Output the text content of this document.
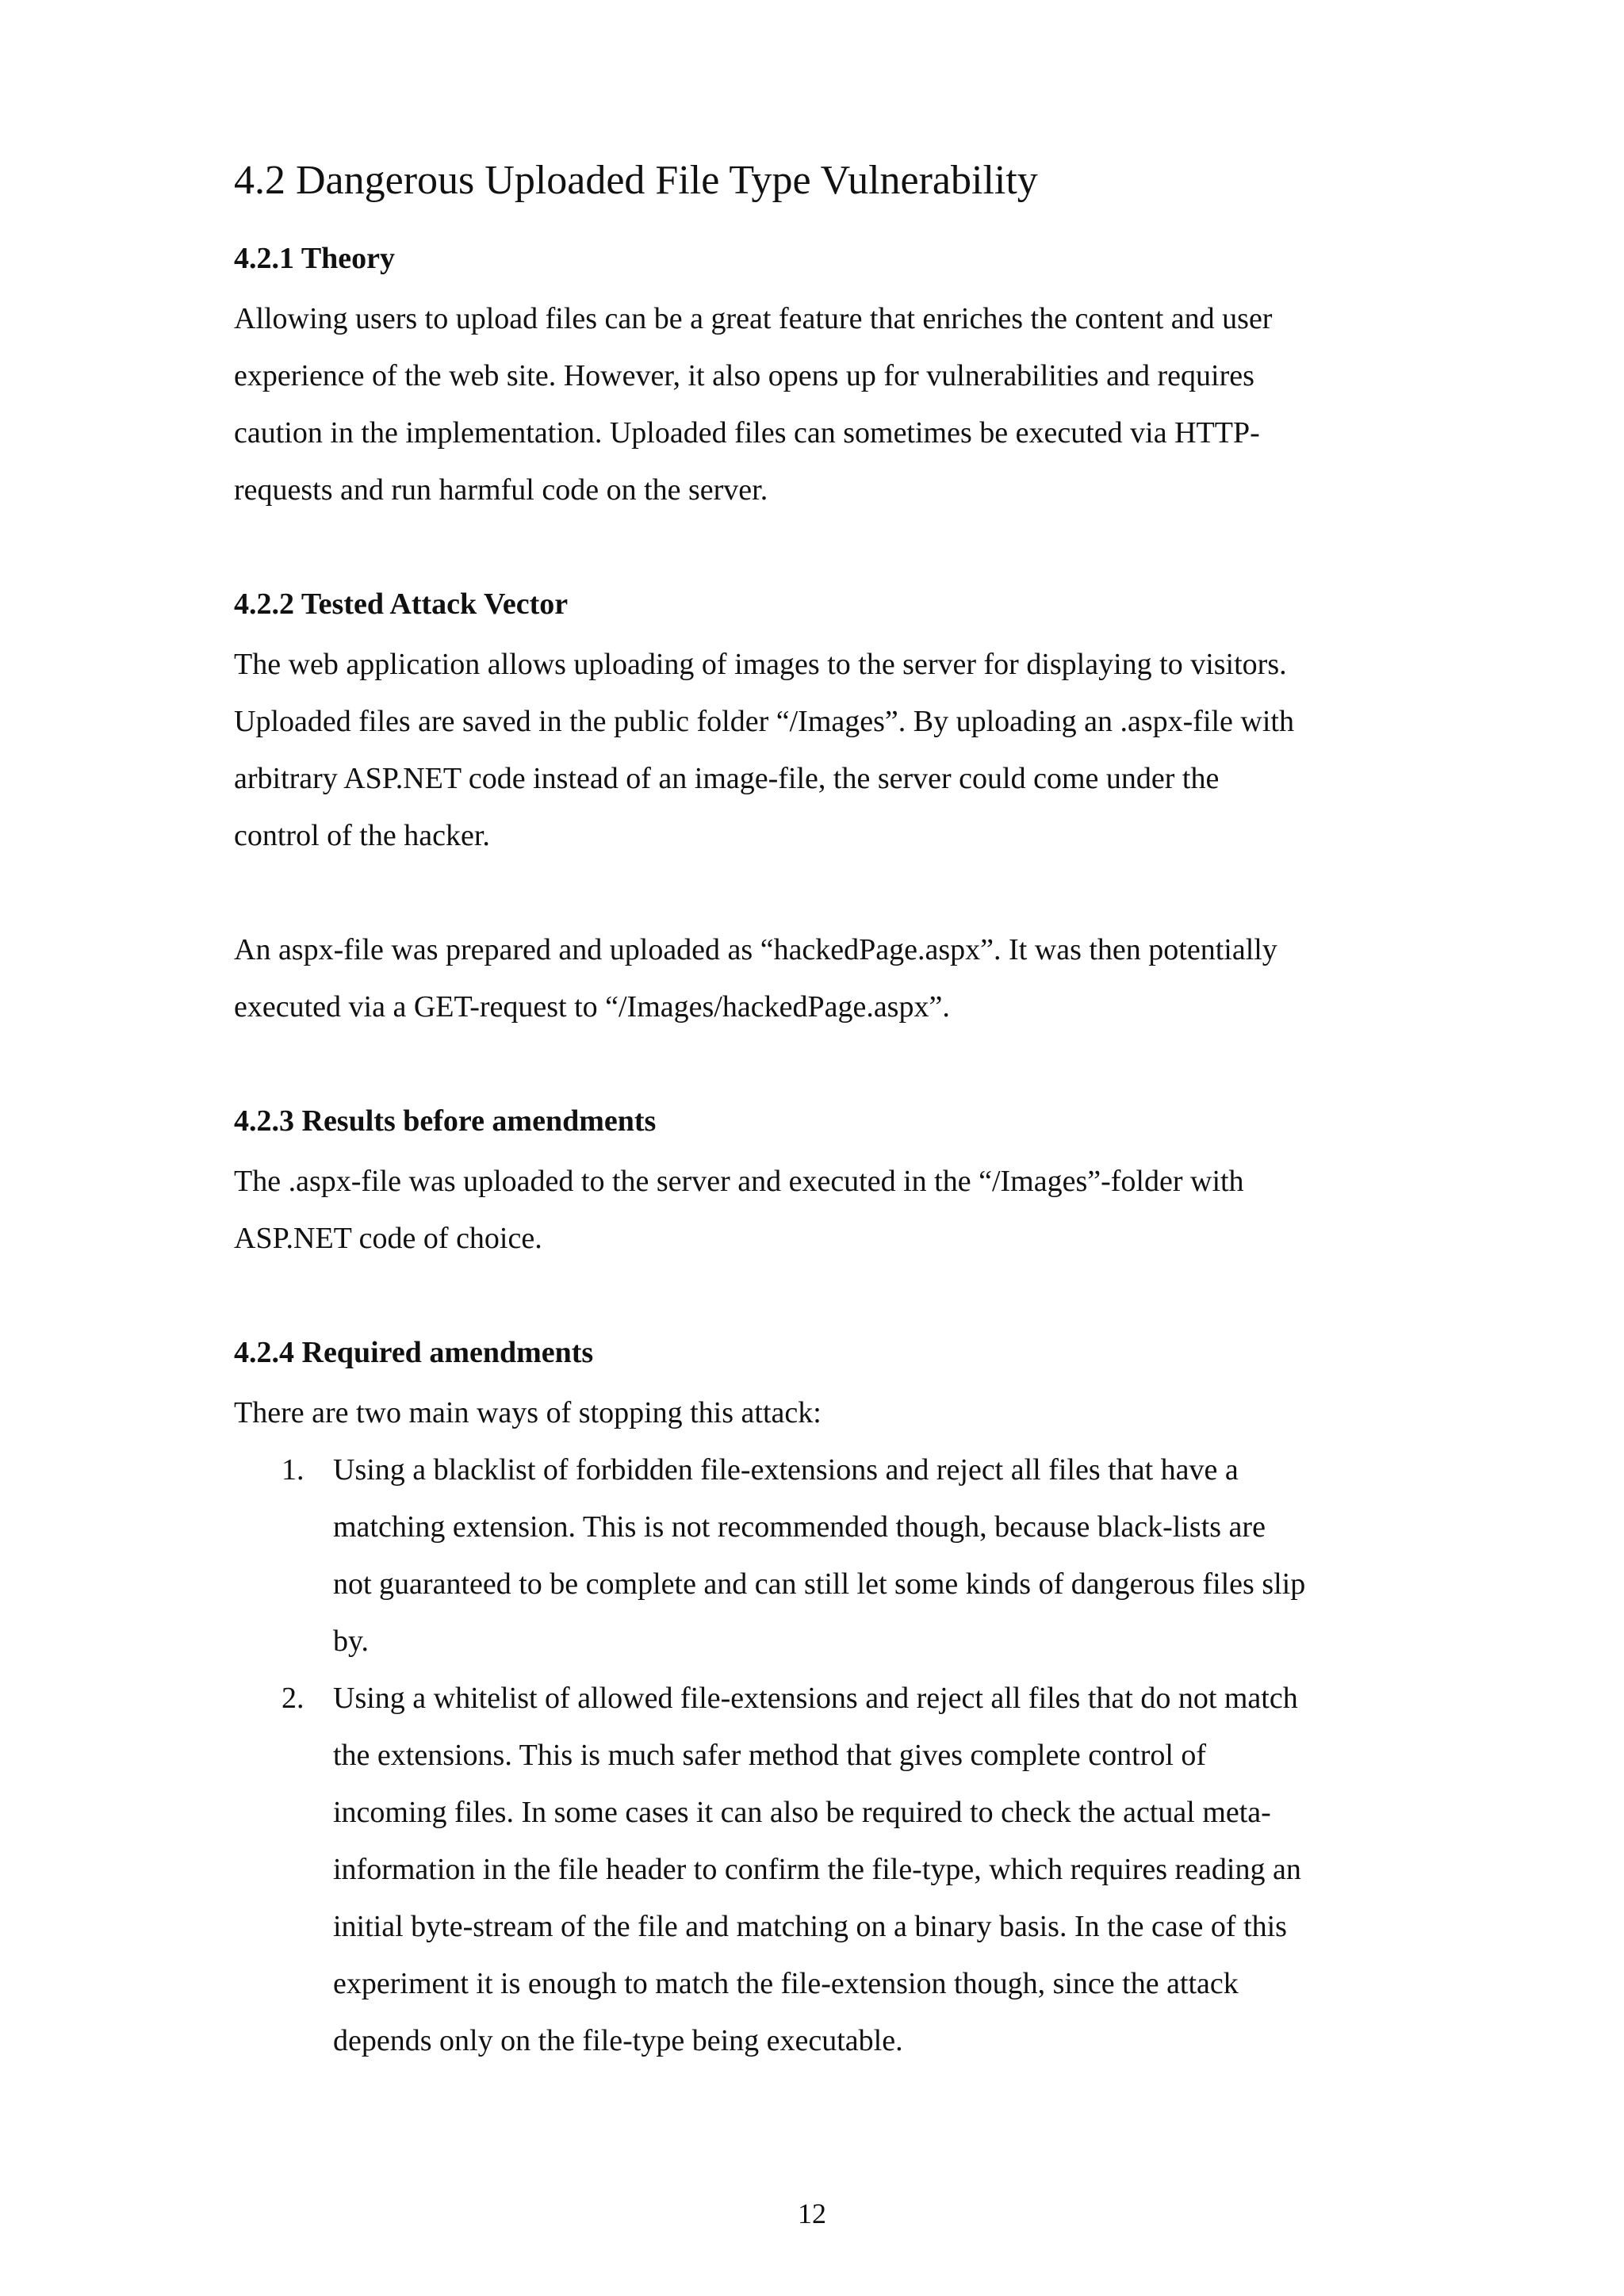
4.2 Dangerous Uploaded File Type Vulnerability
4.2.1 Theory

Allowing users to upload files can be a great feature that enriches the content and user
experience of the web site. However, it also opens up for vulnerabilities and requires
caution in the implementation. Uploaded files can sometimes be executed via HTTP-
requests and run harmful code on the server.

4.2.2 Tested Attack Vector

The web application allows uploading of images to the server for displaying to visitors.
Uploaded files are saved in the public folder “/Images”. By uploading an .aspx-file with
arbitrary ASP.NET code instead of an image-file, the server could come under the
control of the hacker.

An aspx-file was prepared and uploaded as “hackedPage.aspx”. It was then potentially
executed via a GET-request to “/Images/hackedPage.aspx”.

4.2.3 Results before amendments

The .aspx-file was uploaded to the server and executed in the “/Images”-folder with
ASP.NET code of choice.

4.2.4 Required amendments

There are two main ways of stopping this attack:

1. Using a blacklist of forbidden file-extensions and reject all files that have a
matching extension. This is not recommended though, because black-lists are
not guaranteed to be complete and can still let some kinds of dangerous files slip
by.
2. Using a whitelist of allowed file-extensions and reject all files that do not match
the extensions. This is much safer method that gives complete control of
incoming files. In some cases it can also be required to check the actual meta-
information in the file header to confirm the file-type, which requires reading an
initial byte-stream of the file and matching on a binary basis. In the case of this
experiment it is enough to match the file-extension though, since the attack
depends only on the file-type being executable.
12
